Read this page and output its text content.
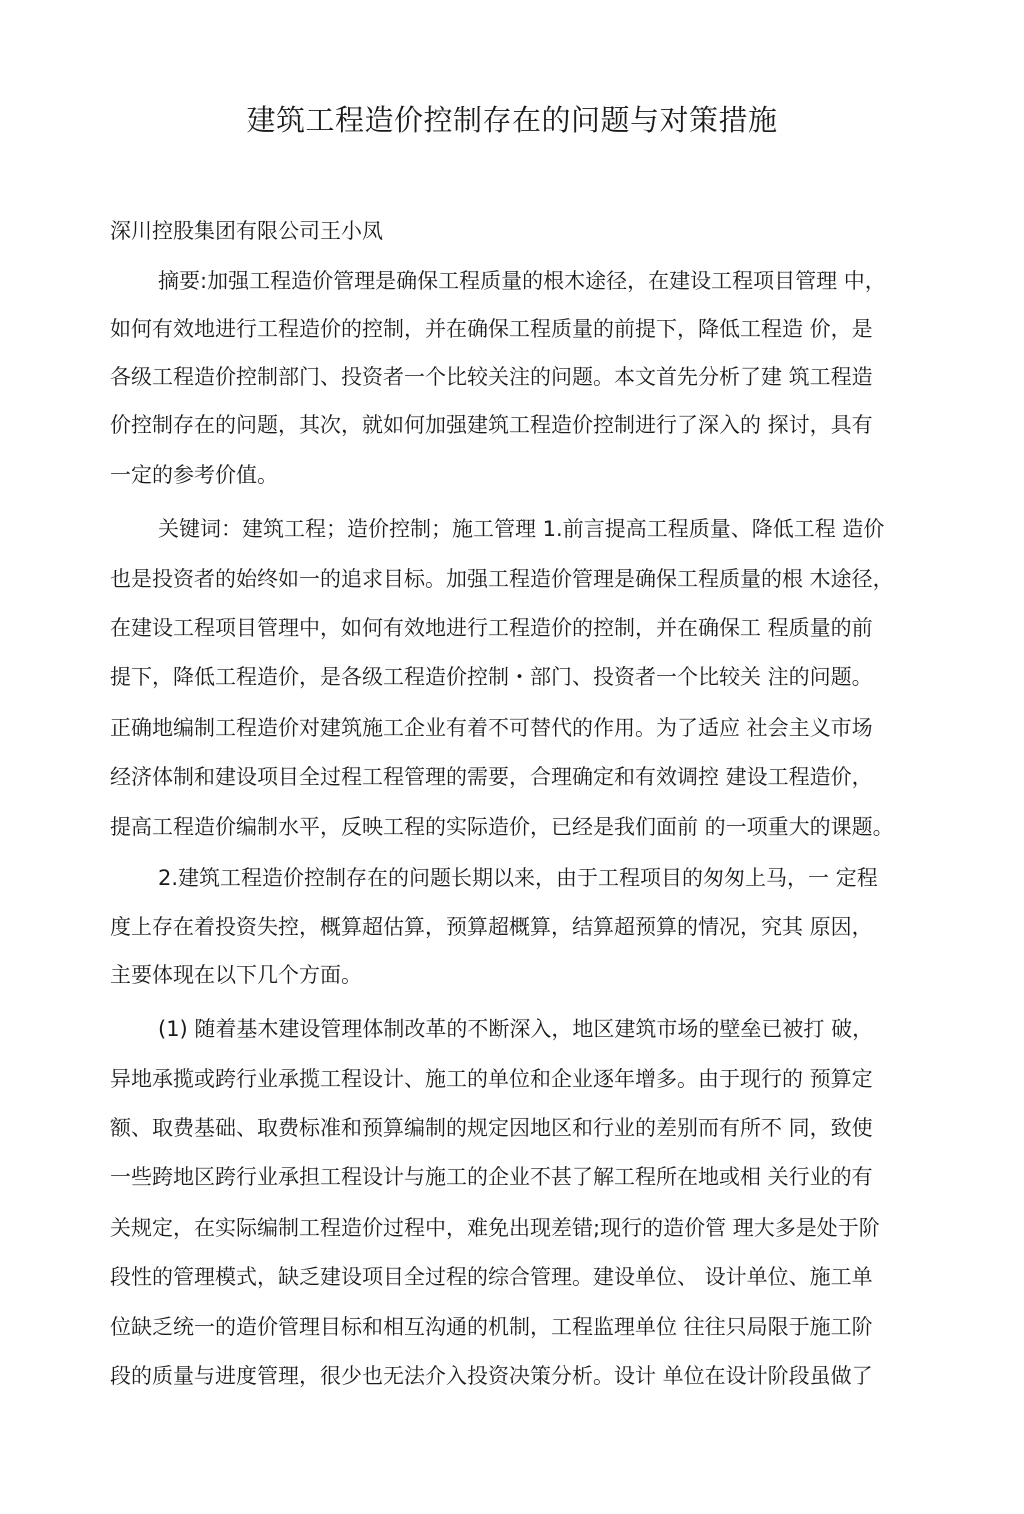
建筑工程造价控制存在的问题与对策措施
深川控股集团有限公司王小凤
摘要:加强工程造价管理是确保工程质量的根木途径，在建设工程项目管理 中，
如何有效地进行工程造价的控制，并在确保工程质量的前提下，降低工程造 价，是
各级工程造价控制部门、投资者一个比较关注的问题。本文首先分析了建 筑工程造
价控制存在的问题，其次，就如何加强建筑工程造价控制进行了深入的 探讨，具有
一定的参考价值。
关键词：建筑工程；造价控制；施工管理 1.前言提高工程质量、降低工程 造价
也是投资者的始终如一的追求目标。加强工程造价管理是确保工程质量的根 木途径，
在建设工程项目管理中，如何有效地进行工程造价的控制，并在确保工 程质量的前
提下，降低工程造价，是各级工程造价控制・部门、投资者一个比较关 注的问题。
正确地编制工程造价对建筑施工企业有着不可替代的作用。为了适应 社会主义市场
经济体制和建设项目全过程工程管理的需要，合理确定和有效调控 建设工程造价，
提高工程造价编制水平，反映工程的实际造价，已经是我们面前 的一项重大的课题。
2.建筑工程造价控制存在的问题长期以来，由于工程项目的匆匆上马，一 定程
度上存在着投资失控，概算超估算，预算超概算，结算超预算的情况，究其 原因，
主要体现在以下几个方面。
(1) 随着基木建设管理体制改革的不断深入，地区建筑市场的壁垒已被打 破，
异地承揽或跨行业承揽工程设计、施工的单位和企业逐年增多。由于现行的 预算定
额、取费基础、取费标准和预算编制的规定因地区和行业的差别而有所不 同，致使
一些跨地区跨行业承担工程设计与施工的企业不甚了解工程所在地或相 关行业的有
关规定，在实际编制工程造价过程中，难免出现差错;现行的造价管 理大多是处于阶
段性的管理模式，缺乏建设项目全过程的综合管理。建设单位、 设计单位、施工单
位缺乏统一的造价管理目标和相互沟通的机制，工程监理单位 往往只局限于施工阶
段的质量与进度管理，很少也无法介入投资决策分析。设计 单位在设计阶段虽做了
